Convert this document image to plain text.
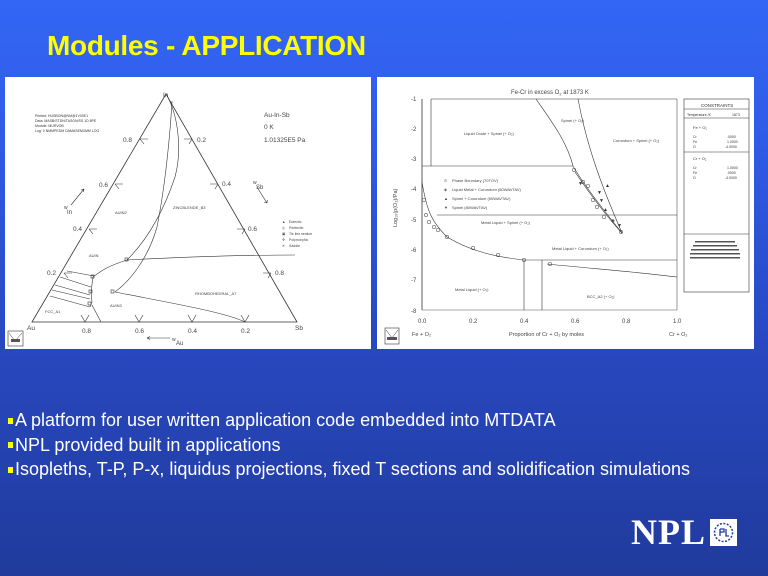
Modules - APPLICATION
Printed: HUSBON@NM@1V00E1
Data: MASB/STDN/TASON/SS 1D 8PE
Module: MURVOB
Log: 0 NMMPEDM DAMASENDMM LOG
Au-In-Sb
0 K
1.01325E5 Pa
In
Au	Sb
0.8
0.6
0.4
0.2
0.2
0.4
0.6
0.8
0.8	0.6	0.4	0.2
w
In
w
Sb
w
Au
AUIN2
ZINCBLENDE_B3
AUIN
RHOMBOHEDRAL_A7
AUIN3
FCC_A1
▲ Eutectic
◎ Peritectic
▣ Tie line section
✣	Polymorphic
✕ Saddle
Fe-Cr in excess $O_2$ at 1873 K
-1
-2
-3
-4
-5
-6
-7
-8
Log₁₀(p(O₂)/Pa)
0.0	0.2	0.4	0.6	0.8	1.0
Fe + O₂	Proportion of Cr + O₂ by moles	Cr + O₂
▼
▲
◈
▼
▼
▼	▲
Liquid Oxide + Spinel (+ O₂)
Spinel (+ O₂)
Corundum + Spinel (+ O₂)
Metal Liquid + Spinel (+ O₂)
Metal Liquid + Corundum (+ O₂)
Metal Liquid (+ O₂)
BCC_A2 (+ O₂)
⊙ Phase Boundary (70TOV)
◈ Liquid Metal + Corundum (80WAVTAV)
▲ Spinel + Corundum (50WAVTAV)
▼ Spinel (80WAVTAV)
CONSTRAINTS
Temperature /K	1873
Fe + O₂
Cr	.0000
Fe	1.0000
O	-4.0000
Cr + O₂
Cr	1.0000
Fe	.0000
O	-4.0000
A platform for user written application code embedded into MTDATA
NPL provided built in applications
Isopleths, T-P, P-x, liquidus projections, fixed T sections and solidification simulations
NPL
